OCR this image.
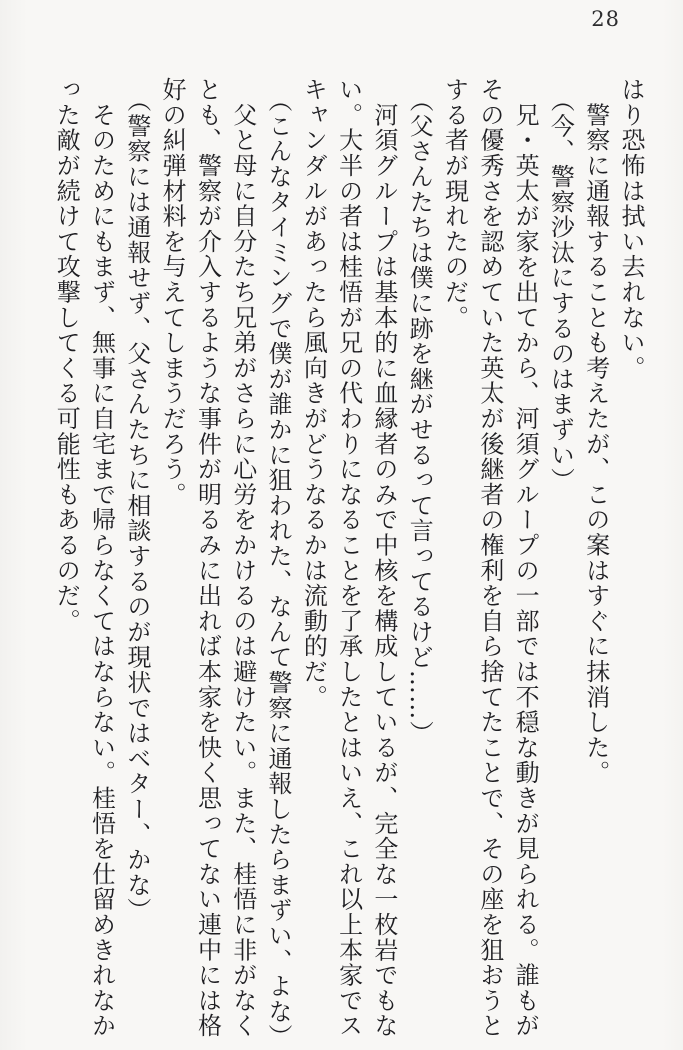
28
はり恐怖は拭い去れない。
　警察に通報することも考えたが、この案はすぐに抹消した。
（今、警察沙汰にするのはまずい）
　兄・英太が家を出てから、河須グループの一部では不穏な動きが見られる。誰もが
その優秀さを認めていた英太が後継者の権利を自ら捨てたことで、その座を狙おうと
する者が現れたのだ。
（父さんたちは僕に跡を継がせるって言ってるけど……）
　河須グループは基本的に血縁者のみで中核を構成しているが、完全な一枚岩でもな
い。大半の者は桂悟が兄の代わりになることを了承したとはいえ、これ以上本家でス
キャンダルがあったら風向きがどうなるかは流動的だ。
（こんなタイミングで僕が誰かに狙われた、なんて警察に通報したらまずい、よな）
　父と母に自分たち兄弟がさらに心労をかけるのは避けたい。また、桂悟に非がなく
とも、警察が介入するような事件が明るみに出れば本家を快く思ってない連中には格
好の糾弾材料を与えてしまうだろう。
（警察には通報せず、父さんたちに相談するのが現状ではベター、かな）
　そのためにもまず、無事に自宅まで帰らなくてはならない。桂悟を仕留めきれなか
った敵が続けて攻撃してくる可能性もあるのだ。
